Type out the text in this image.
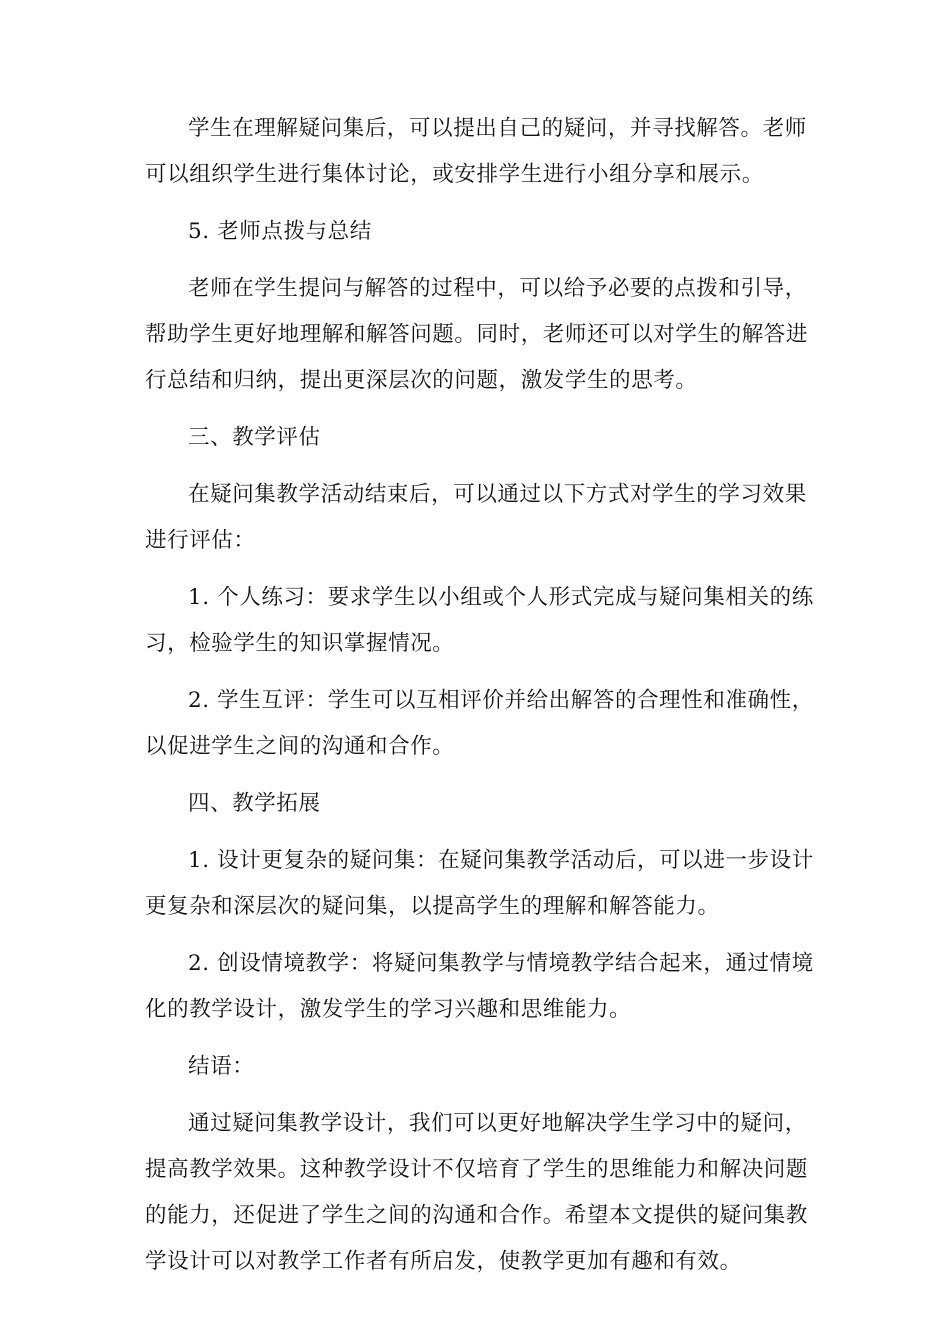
学生在理解疑问集后，可以提出自己的疑问，并寻找解答。老师可以组织学生进行集体讨论，或安排学生进行小组分享和展示。

5. 老师点拨与总结

老师在学生提问与解答的过程中，可以给予必要的点拨和引导，帮助学生更好地理解和解答问题。同时，老师还可以对学生的解答进行总结和归纳，提出更深层次的问题，激发学生的思考。

三、教学评估

在疑问集教学活动结束后，可以通过以下方式对学生的学习效果进行评估：

1. 个人练习：要求学生以小组或个人形式完成与疑问集相关的练习，检验学生的知识掌握情况。

2. 学生互评：学生可以互相评价并给出解答的合理性和准确性，以促进学生之间的沟通和合作。

四、教学拓展

1. 设计更复杂的疑问集：在疑问集教学活动后，可以进一步设计更复杂和深层次的疑问集，以提高学生的理解和解答能力。

2. 创设情境教学：将疑问集教学与情境教学结合起来，通过情境化的教学设计，激发学生的学习兴趣和思维能力。

结语：

通过疑问集教学设计，我们可以更好地解决学生学习中的疑问，提高教学效果。这种教学设计不仅培育了学生的思维能力和解决问题的能力，还促进了学生之间的沟通和合作。希望本文提供的疑问集教学设计可以对教学工作者有所启发，使教学更加有趣和有效。
